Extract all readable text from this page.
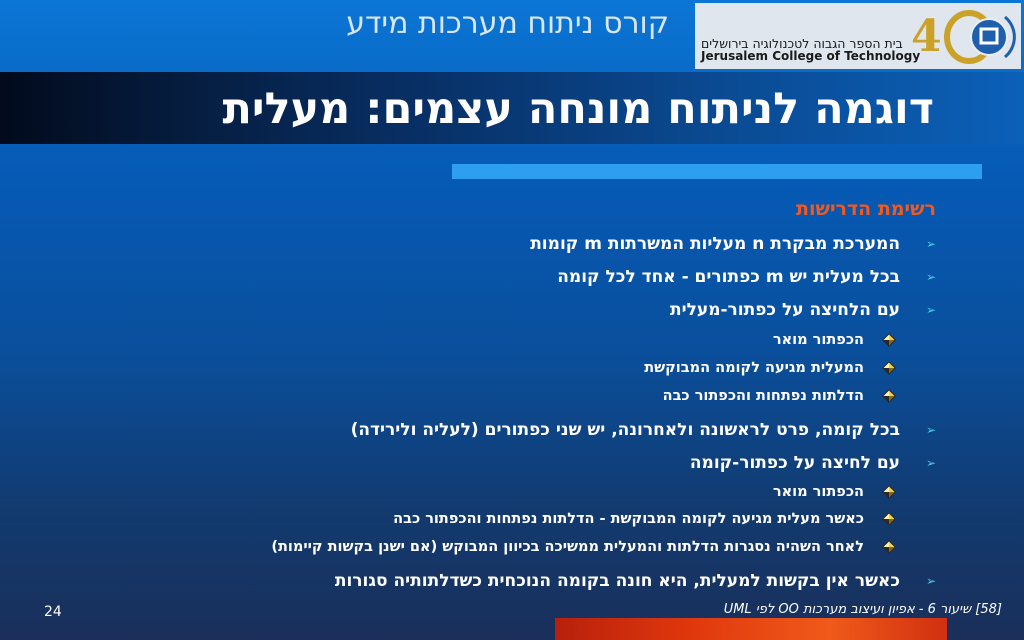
קורס ניתוח מערכות מידע
בית הספר הגבוה לטכנולוגיה בירושלים
Jerusalem College of Technology
4
דוגמה לניתוח מונחה עצמים: מעלית
רשימת הדרישות
➢
המערכת מבקרת n מעליות המשרתות m קומות
➢
בכל מעלית יש m כפתורים - אחד לכל קומה
➢
עם הלחיצה על כפתור-מעלית
הכפתור מואר
המעלית מגיעה לקומה המבוקשת
הדלתות נפתחות והכפתור כבה
➢
בכל קומה, פרט לראשונה ולאחרונה, יש שני כפתורים (לעליה ולירידה)
➢
עם לחיצה על כפתור-קומה
הכפתור מואר
כאשר מעלית מגיעה לקומה המבוקשת - הדלתות נפתחות והכפתור כבה
לאחר השהיה נסגרות הדלתות והמעלית ממשיכה בכיוון המבוקש (אם ישנן בקשות קיימות)
➢
כאשר אין בקשות למעלית, היא חונה בקומה הנוכחית כשדלתותיה סגורות
24	[58] שיעור 6 - אפיון ועיצוב מערכות OO לפי UML
